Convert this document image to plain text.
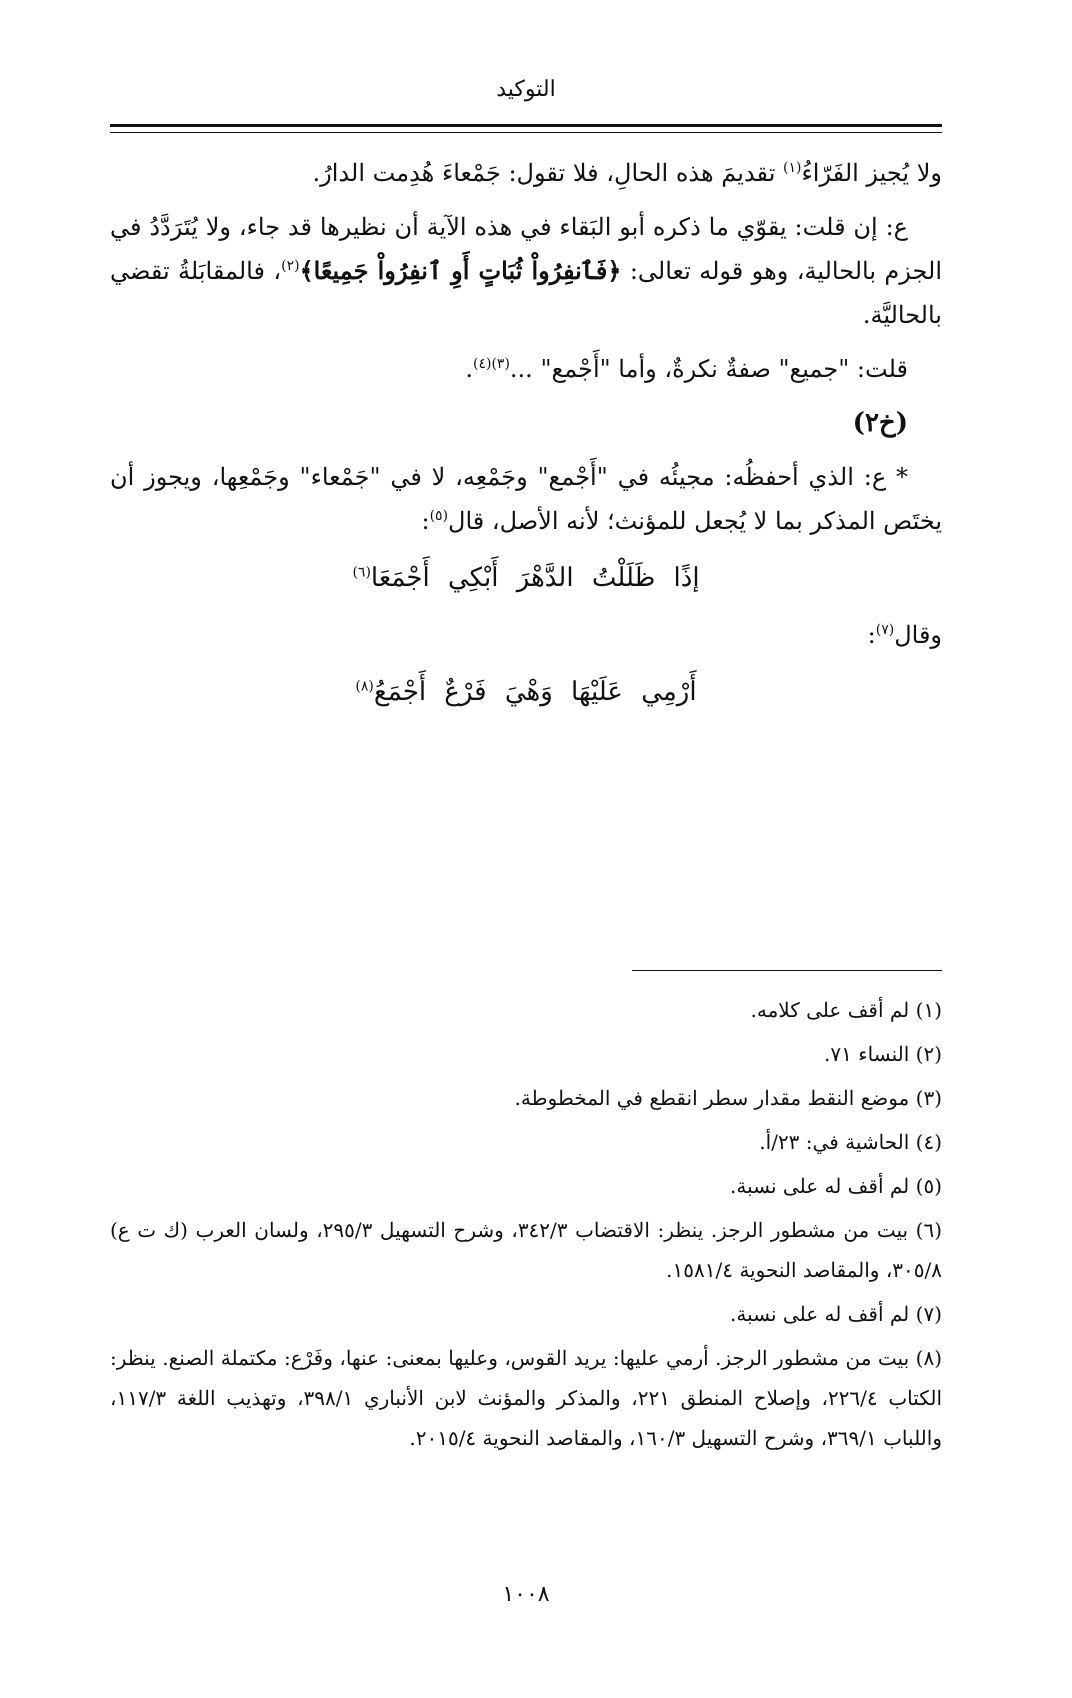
التوكيد

ولا يُجيز الفَرّاءُ$^{(١)}$ تقديمَ هذه الحالِ، فلا تقول: جَمْعاءَ هُدِمت الدارُ.

ع: إن قلت: يقوّي ما ذكره أبو البَقاء في هذه الآية أن نظيرها قد جاء، ولا يُتَرَدَّدُ في الجزم بالحالية، وهو قوله تعالى: ﴿فَٱنفِرُواْ ثُبَاتٍ أَوِ ٱنفِرُواْ جَمِيعًا﴾$^{(٢)}$، فالمقابَلةُ تقضي بالحاليَّة.

قلت: "جميع" صفةٌ نكرةٌ، وأما "أَجْمع" ...$^{(٣)(٤)}$.

(خ٢)

* ع: الذي أحفظُه: مجيئُه في "أَجْمع" وجَمْعِه، لا في "جَمْعاء" وجَمْعِها، ويجوز أن يختَص المذكر بما لا يُجعل للمؤنث؛ لأنه الأصل، قال$^{(٥)}$:

إذًا ظَلَلْتُ الدَّهْرَ أَبْكِي أَجْمَعَا$^{(٦)}$

وقال$^{(٧)}$:

أَرْمِي عَلَيْهَا وَهْيَ فَرْعٌ أَجْمَعُ$^{(٨)}$

(١) لم أقف على كلامه.

(٢) النساء ٧١.

(٣) موضع النقط مقدار سطر انقطع في المخطوطة.

(٤) الحاشية في: ٢٣/أ.

(٥) لم أقف له على نسبة.

(٦) بيت من مشطور الرجز. ينظر: الاقتضاب ٣٤٢/٣، وشرح التسهيل ٢٩٥/٣، ولسان العرب (ك ت ع) ٣٠٥/٨، والمقاصد النحوية ١٥٨١/٤.

(٧) لم أقف له على نسبة.

(٨) بيت من مشطور الرجز. أرمي عليها: يريد القوس، وعليها بمعنى: عنها، وفَرْع: مكتملة الصنع. ينظر: الكتاب ٢٢٦/٤، وإصلاح المنطق ٢٢١، والمذكر والمؤنث لابن الأنباري ٣٩٨/١، وتهذيب اللغة ١١٧/٣، واللباب ٣٦٩/١، وشرح التسهيل ١٦٠/٣، والمقاصد النحوية ٢٠١٥/٤.

١٠٠٨
